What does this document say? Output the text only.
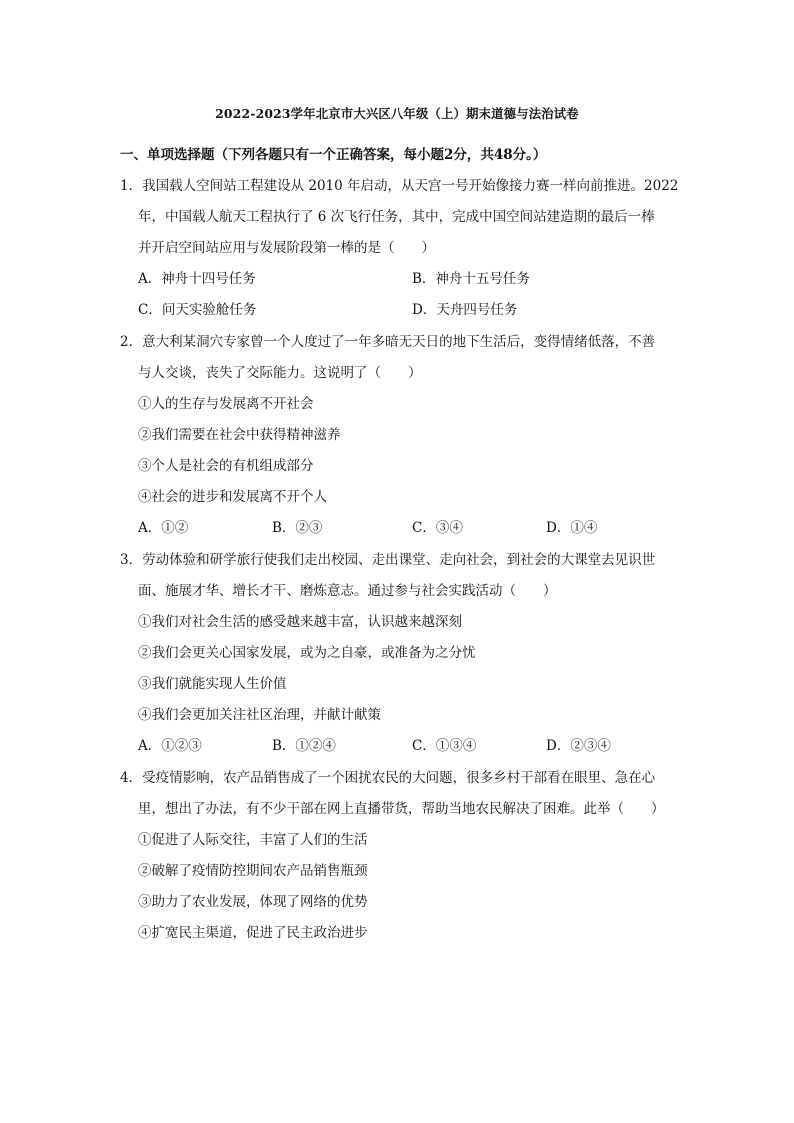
2022-2023学年北京市大兴区八年级（上）期末道德与法治试卷
一、单项选择题（下列各题只有一个正确答案，每小题2分，共48分。）
1．我国载人空间站工程建设从 2010 年启动，从天宫一号开始像接力赛一样向前推进。2022
年，中国载人航天工程执行了 6 次飞行任务，其中，完成中国空间站建造期的最后一棒
并开启空间站应用与发展阶段第一棒的是（　　）
A．神舟十四号任务	B．神舟十五号任务
C．问天实验舱任务	D．天舟四号任务
2．意大利某洞穴专家曾一个人度过了一年多暗无天日的地下生活后，变得情绪低落，不善
与人交谈，丧失了交际能力。这说明了（　　）
①人的生存与发展离不开社会
②我们需要在社会中获得精神滋养
③个人是社会的有机组成部分
④社会的进步和发展离不开个人
A．①②	B．②③	C．③④	D．①④
3．劳动体验和研学旅行使我们走出校园、走出课堂、走向社会，到社会的大课堂去见识世
面、施展才华、增长才干、磨炼意志。通过参与社会实践活动（　　）
①我们对社会生活的感受越来越丰富，认识越来越深刻
②我们会更关心国家发展，或为之自豪，或准备为之分忧
③我们就能实现人生价值
④我们会更加关注社区治理，并献计献策
A．①②③	B．①②④	C．①③④	D．②③④
4．受疫情影响，农产品销售成了一个困扰农民的大问题，很多乡村干部看在眼里、急在心
里，想出了办法，有不少干部在网上直播带货，帮助当地农民解决了困难。此举（　　）
①促进了人际交往，丰富了人们的生活
②破解了疫情防控期间农产品销售瓶颈
③助力了农业发展，体现了网络的优势
④扩宽民主渠道，促进了民主政治进步
